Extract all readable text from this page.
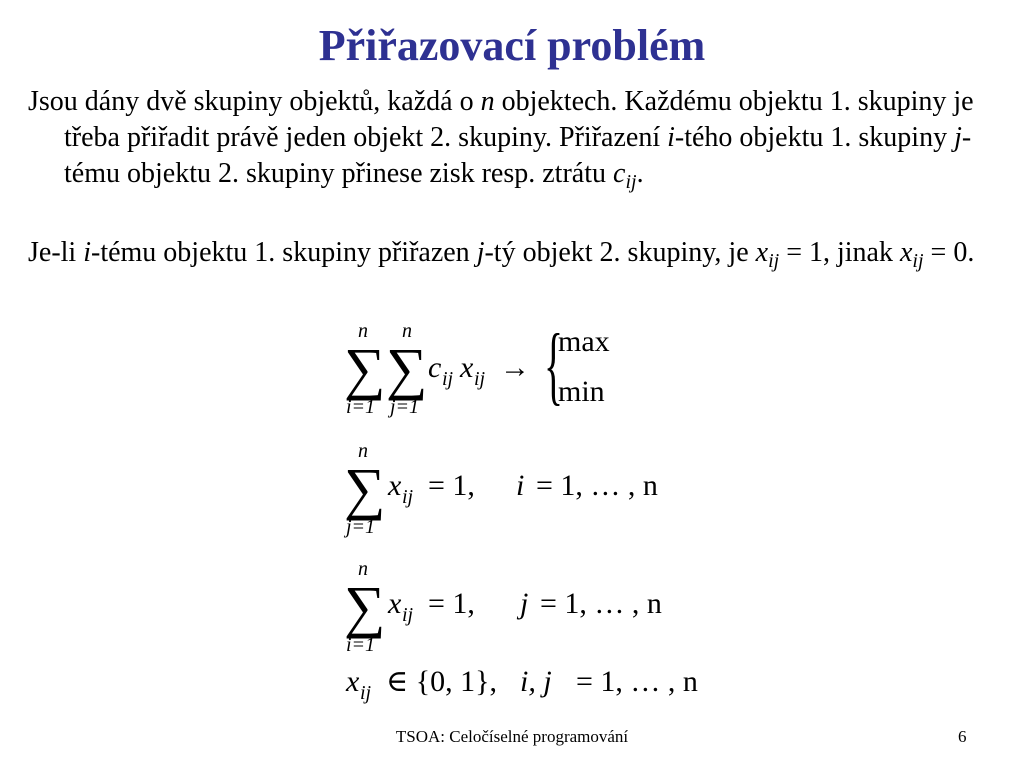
Přiřazovací problém
Jsou dány dvě skupiny objektů, každá o n objektech. Každému objektu 1. skupiny je třeba přiřadit právě jeden objekt 2. skupiny. Přiřazení i-tého objektu 1. skupiny j-tému objektu 2. skupiny přinese zisk resp. ztrátu $c_{ij}$.
Je-li i-tému objektu 1. skupiny přiřazen j-tý objekt 2. skupiny, je $x_{ij} = 1$, jinak $x_{ij} = 0$.
n
∑
i=1
n
∑
j=1
c ij x ij → {
max
min
n
∑
j=1
x ij = 1, i = 1, … , n
n
∑
i=1
x ij = 1, j = 1, … , n
x ij ∈ {0, 1}, i, j = 1, … , n
TSOA: Celočíselné programování	6
